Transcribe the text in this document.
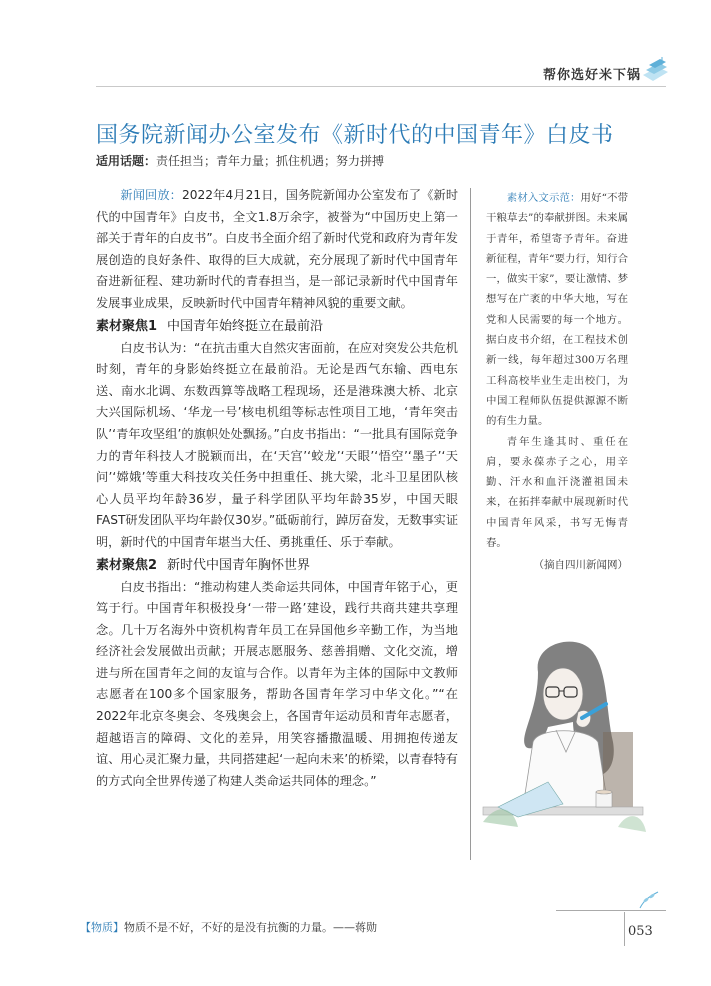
帮你选好米下锅
国务院新闻办公室发布《新时代的中国青年》白皮书
适用话题：责任担当；青年力量；抓住机遇；努力拼搏

新闻回放：2022年4月21日，国务院新闻办公室发布了《新时代的中国青年》白皮书，全文1.8万余字，被誉为“中国历史上第一部关于青年的白皮书”。白皮书全面介绍了新时代党和政府为青年发展创造的良好条件、取得的巨大成就，充分展现了新时代中国青年奋进新征程、建功新时代的青春担当，是一部记录新时代中国青年发展事业成果，反映新时代中国青年精神风貌的重要文献。

素材聚焦1 中国青年始终挺立在最前沿

白皮书认为：“在抗击重大自然灾害面前，在应对突发公共危机时刻，青年的身影始终挺立在最前沿。无论是西气东输、西电东送、南水北调、东数西算等战略工程现场，还是港珠澳大桥、北京大兴国际机场、‘华龙一号’核电机组等标志性项目工地，‘青年突击队’‘青年攻坚组’的旗帜处处飘扬。”白皮书指出：“一批具有国际竞争力的青年科技人才脱颖而出，在‘天宫’‘蛟龙’‘天眼’‘悟空’‘墨子’‘天问’‘嫦娥’等重大科技攻关任务中担重任、挑大梁，北斗卫星团队核心人员平均年龄36岁，量子科学团队平均年龄35岁，中国天眼FAST研发团队平均年龄仅30岁。”砥砺前行，踔厉奋发，无数事实证明，新时代的中国青年堪当大任、勇挑重任、乐于奉献。

素材聚焦2 新时代中国青年胸怀世界

白皮书指出：“推动构建人类命运共同体，中国青年铭于心，更笃于行。中国青年积极投身‘一带一路’建设，践行共商共建共享理念。几十万名海外中资机构青年员工在异国他乡辛勤工作，为当地经济社会发展做出贡献；开展志愿服务、慈善捐赠、文化交流，增进与所在国青年之间的友谊与合作。以青年为主体的国际中文教师志愿者在100多个国家服务，帮助各国青年学习中华文化。”“在2022年北京冬奥会、冬残奥会上，各国青年运动员和青年志愿者，超越语言的障碍、文化的差异，用笑容播撒温暖、用拥抱传递友谊、用心灵汇聚力量，共同搭建起‘一起向未来’的桥梁，以青春特有的方式向全世界传递了构建人类命运共同体的理念。”

素材入文示范：用好“不带干粮草去”的奉献拼图。未来属于青年，希望寄予青年。奋进新征程，青年“要力行，知行合一，做实干家”，要让激情、梦想写在广袤的中华大地，写在党和人民需要的每一个地方。据白皮书介绍，在工程技术创新一线，每年超过300万名理工科高校毕业生走出校门，为中国工程师队伍提供源源不断的有生力量。

青年生逢其时、重任在肩，要永葆赤子之心，用辛勤、汗水和血汗浇灌祖国未来，在拓拌奉献中展现新时代中国青年风采，书写无悔青春。

（摘自四川新闻网）
【物质】物质不是不好，不好的是没有抗衡的力量。——蒋勋	053
